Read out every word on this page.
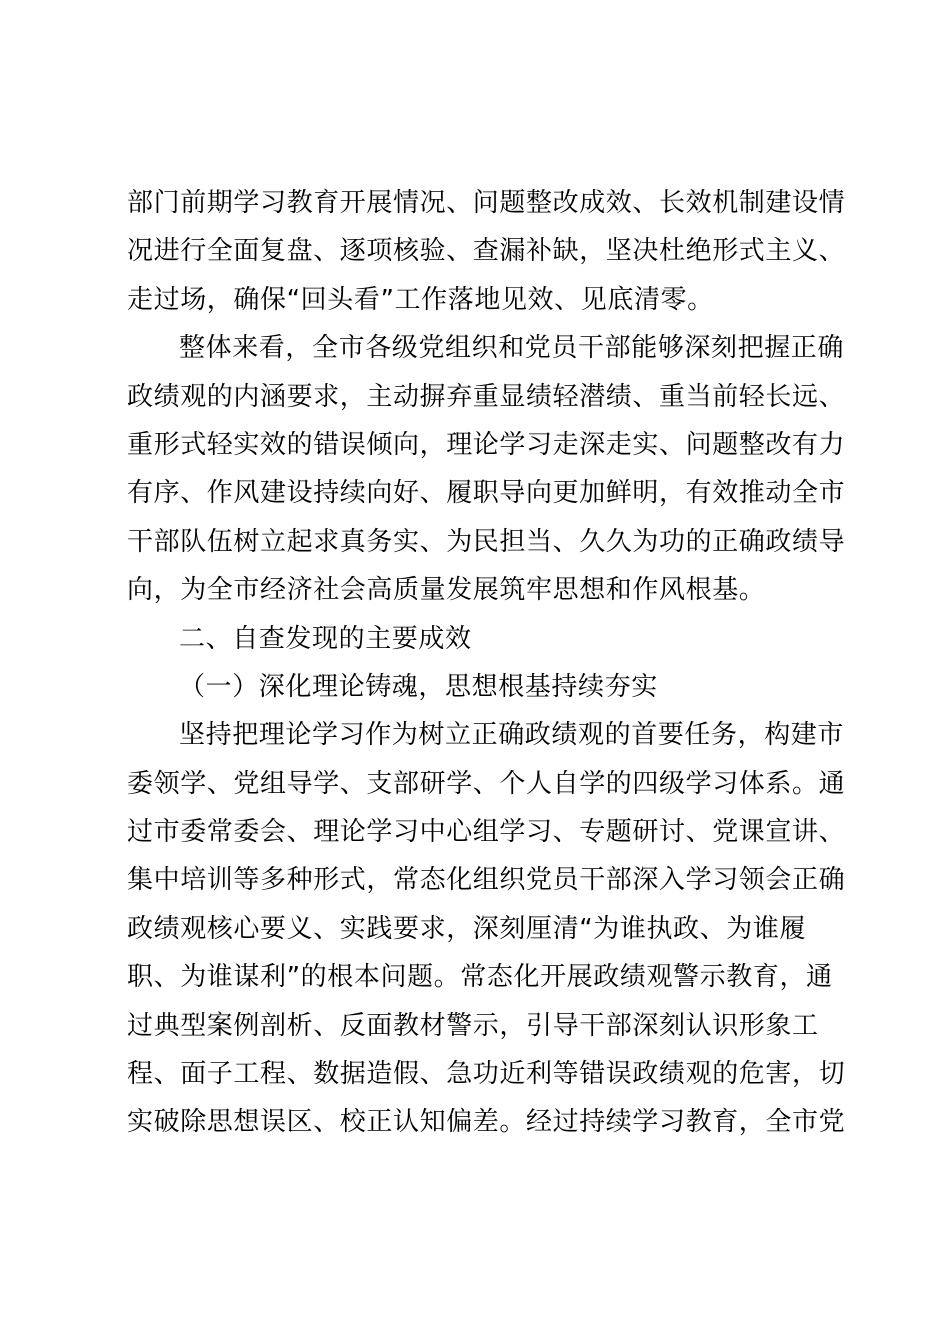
部门前期学习教育开展情况、问题整改成效、长效机制建设情
况进行全面复盘、逐项核验、查漏补缺，坚决杜绝形式主义、
走过场，确保“回头看”工作落地见效、见底清零。
整体来看，全市各级党组织和党员干部能够深刻把握正确
政绩观的内涵要求，主动摒弃重显绩轻潜绩、重当前轻长远、
重形式轻实效的错误倾向，理论学习走深走实、问题整改有力
有序、作风建设持续向好、履职导向更加鲜明，有效推动全市
干部队伍树立起求真务实、为民担当、久久为功的正确政绩导
向，为全市经济社会高质量发展筑牢思想和作风根基。
二、自查发现的主要成效
（一）深化理论铸魂，思想根基持续夯实
坚持把理论学习作为树立正确政绩观的首要任务，构建市
委领学、党组导学、支部研学、个人自学的四级学习体系。通
过市委常委会、理论学习中心组学习、专题研讨、党课宣讲、
集中培训等多种形式，常态化组织党员干部深入学习领会正确
政绩观核心要义、实践要求，深刻厘清“为谁执政、为谁履
职、为谁谋利”的根本问题。常态化开展政绩观警示教育，通
过典型案例剖析、反面教材警示，引导干部深刻认识形象工
程、面子工程、数据造假、急功近利等错误政绩观的危害，切
实破除思想误区、校正认知偏差。经过持续学习教育，全市党
